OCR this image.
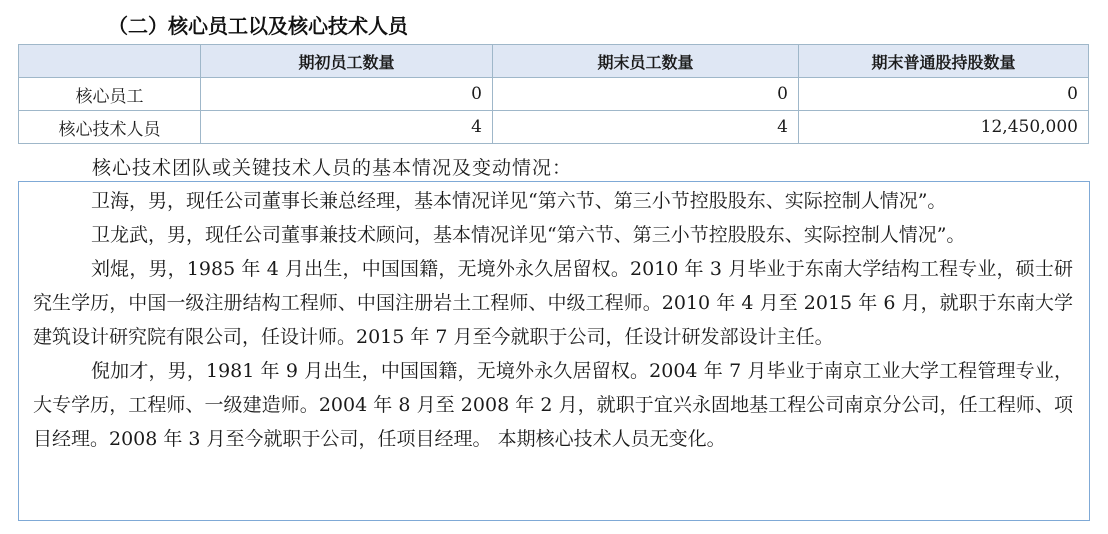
（二）核心员工以及核心技术人员
	期初员工数量	期末员工数量	期末普通股持股数量
核心员工	0	0	0
核心技术人员	4	4	12,450,000
核心技术团队或关键技术人员的基本情况及变动情况：

卫海，男，现任公司董事长兼总经理，基本情况详见“第六节、第三小节控股股东、实际控制人情况”。

卫龙武，男，现任公司董事兼技术顾问，基本情况详见“第六节、第三小节控股股东、实际控制人情况”。

刘焜，男，1985 年 4 月出生，中国国籍，无境外永久居留权。2010 年 3 月毕业于东南大学结构工程专业，硕士研究生学历，中国一级注册结构工程师、中国注册岩土工程师、中级工程师。2010 年 4 月至 2015 年 6 月，就职于东南大学建筑设计研究院有限公司，任设计师。2015 年 7 月至今就职于公司，任设计研发部设计主任。

倪加才，男，1981 年 9 月出生，中国国籍，无境外永久居留权。2004 年 7 月毕业于南京工业大学工程管理专业，大专学历，工程师、一级建造师。2004 年 8 月至 2008 年 2 月，就职于宜兴永固地基工程公司南京分公司，任工程师、项目经理。2008 年 3 月至今就职于公司，任项目经理。 本期核心技术人员无变化。
